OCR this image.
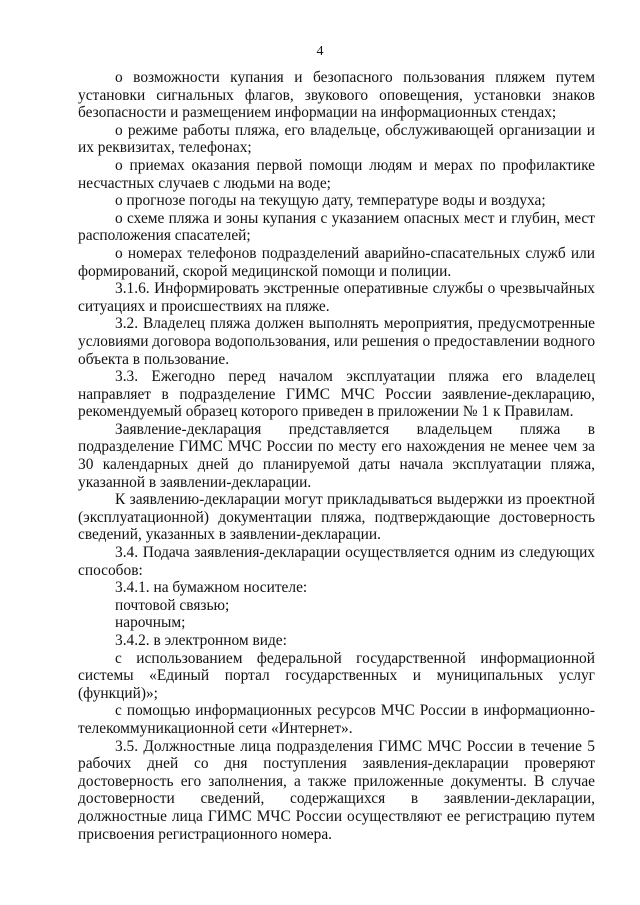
4

о возможности купания и безопасного пользования пляжем путем установки сигнальных флагов, звукового оповещения, установки знаков безопасности и размещением информации на информационных стендах;

о режиме работы пляжа, его владельце, обслуживающей организации и их реквизитах, телефонах;

о приемах оказания первой помощи людям и мерах по профилактике несчастных случаев с людьми на воде;

о прогнозе погоды на текущую дату, температуре воды и воздуха;

о схеме пляжа и зоны купания с указанием опасных мест и глубин, мест расположения спасателей;

о номерах телефонов подразделений аварийно-спасательных служб или формирований, скорой медицинской помощи и полиции.

3.1.6. Информировать экстренные оперативные службы о чрезвычайных ситуациях и происшествиях на пляже.

3.2. Владелец пляжа должен выполнять мероприятия, предусмотренные условиями договора водопользования, или решения о предоставлении водного объекта в пользование.

3.3. Ежегодно перед началом эксплуатации пляжа его владелец направляет в подразделение ГИМС МЧС России заявление-декларацию, рекомендуемый образец которого приведен в приложении № 1 к Правилам.

Заявление-декларация представляется владельцем пляжа в подразделение ГИМС МЧС России по месту его нахождения не менее чем за 30 календарных дней до планируемой даты начала эксплуатации пляжа, указанной в заявлении-декларации.

К заявлению-декларации могут прикладываться выдержки из проектной (эксплуатационной) документации пляжа, подтверждающие достоверность сведений, указанных в заявлении-декларации.

3.4. Подача заявления-декларации осуществляется одним из следующих способов:

3.4.1. на бумажном носителе:

почтовой связью;

нарочным;

3.4.2. в электронном виде:

с использованием федеральной государственной информационной системы «Единый портал государственных и муниципальных услуг (функций)»;

с помощью информационных ресурсов МЧС России в информационно-телекоммуникационной сети «Интернет».

3.5. Должностные лица подразделения ГИМС МЧС России в течение 5 рабочих дней со дня поступления заявления-декларации проверяют достоверность его заполнения, а также приложенные документы. В случае достоверности сведений, содержащихся в заявлении-декларации, должностные лица ГИМС МЧС России осуществляют ее регистрацию путем присвоения регистрационного номера.
